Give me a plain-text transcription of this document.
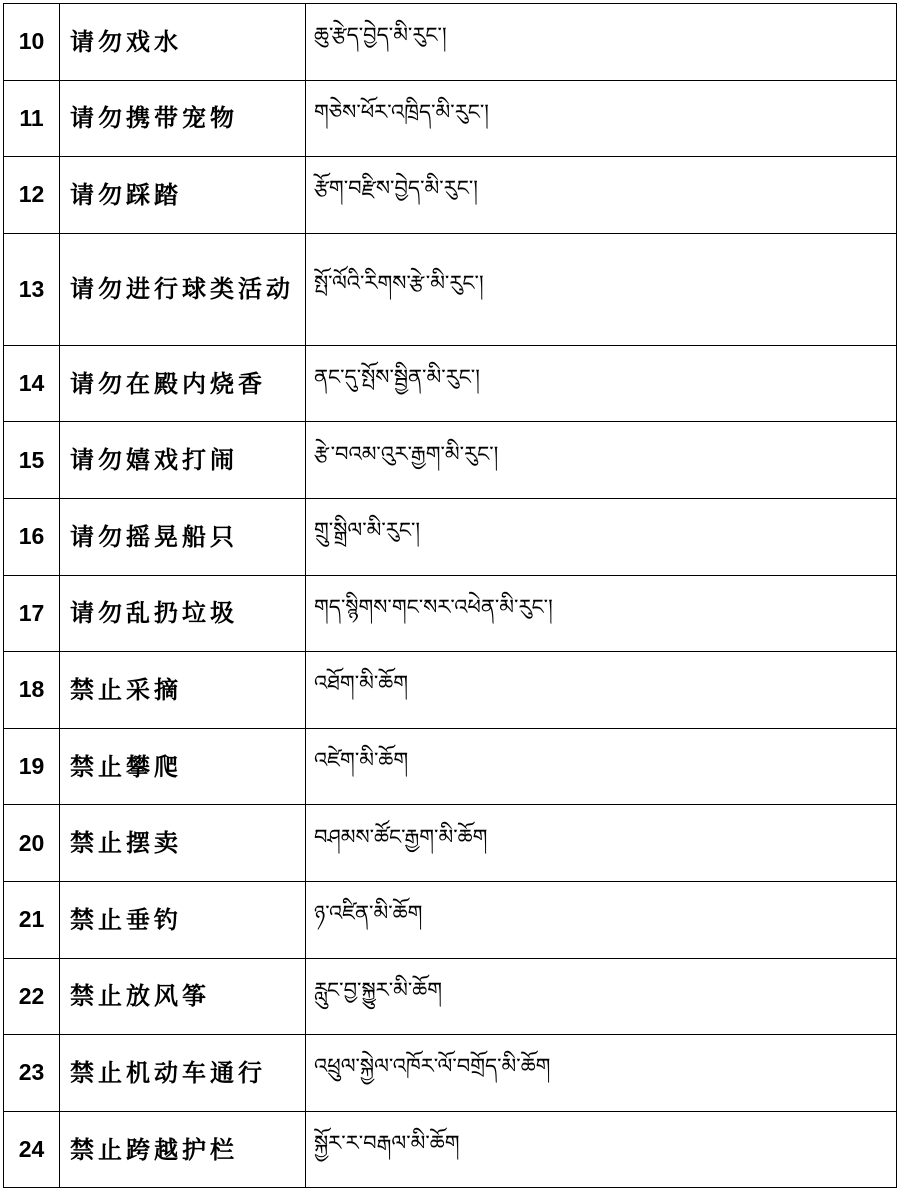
10	请勿戏水	ཆུ་རྩེད་བྱེད་མི་རུང་།
11	请勿携带宠物	གཅེས་ཕོར་འཁྲིད་མི་རུང་།
12	请勿踩踏	རྩོག་བརྫིས་བྱེད་མི་རུང་།
13	请勿进行球类活动	སྤོ་ལོའི་རིགས་རྩེ་མི་རུང་།
14	请勿在殿内烧香	ནང་དུ་སྤོས་སྦྱིན་མི་རུང་།
15	请勿嬉戏打闹	རྩེ་བའམ་འུར་རྒྱག་མི་རུང་།
16	请勿摇晃船只	གྲུ་སྒྲིལ་མི་རུང་།
17	请勿乱扔垃圾	གད་སྙིགས་གང་སར་འཕེན་མི་རུང་།
18	禁止采摘	འཐོག་མི་ཆོག
19	禁止攀爬	འཛེག་མི་ཆོག
20	禁止摆卖	བཤམས་ཚོང་རྒྱག་མི་ཆོག
21	禁止垂钓	ཉ་འཛིན་མི་ཆོག
22	禁止放风筝	རླུང་བྱ་སྐྱུར་མི་ཆོག
23	禁止机动车通行	འཕྲུལ་སྐྱེལ་འཁོར་ལོ་བགྲོད་མི་ཆོག
24	禁止跨越护栏	སྐྱོར་ར་བརྒལ་མི་ཆོག
